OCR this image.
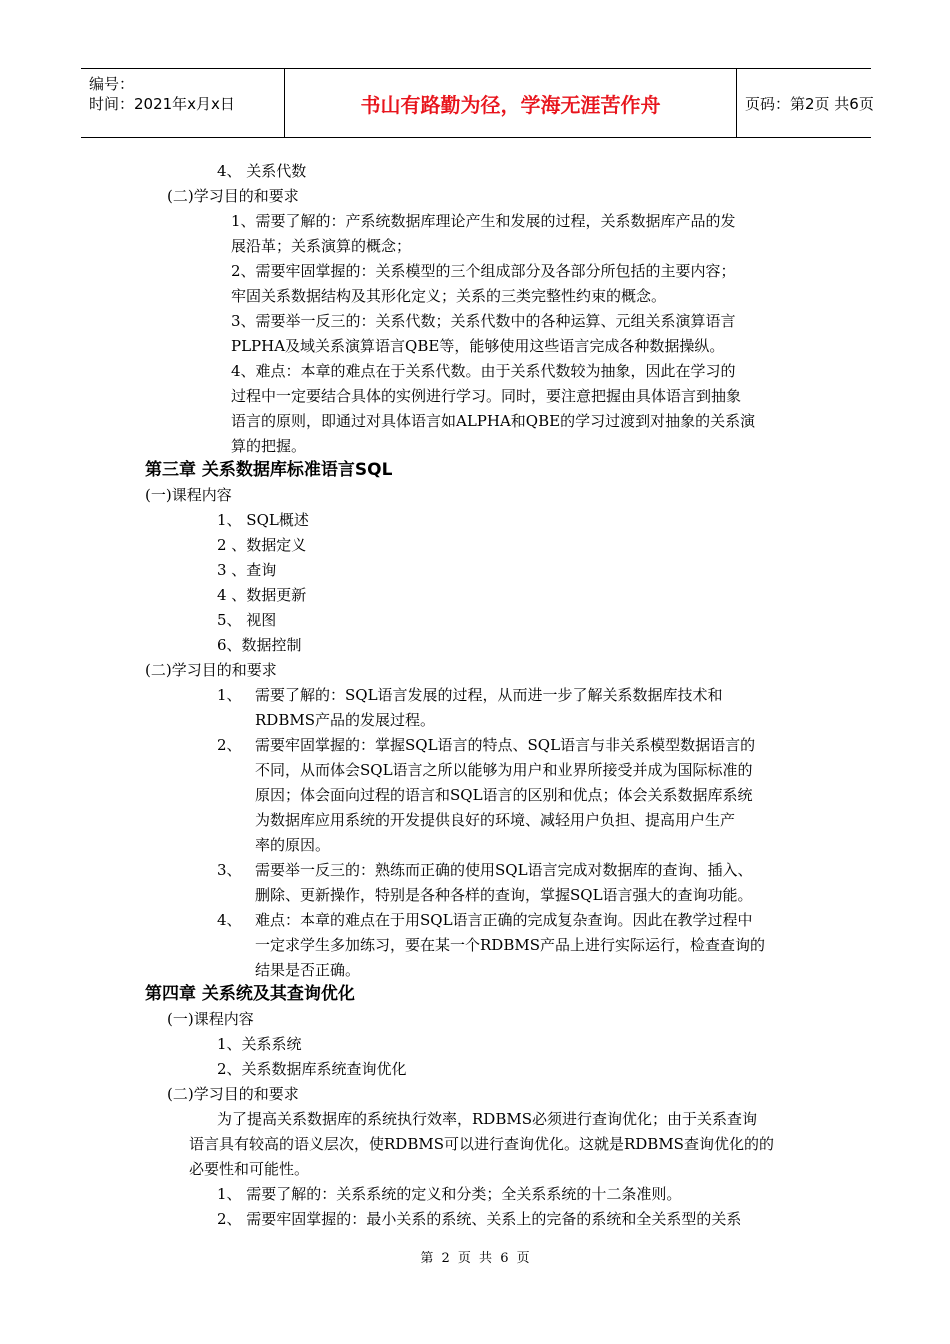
编号：
时间：2021年x月x日	书山有路勤为径，学海无涯苦作舟	页码：第2页 共6页
4、 关系代数
(二)学习目的和要求
1、需要了解的：产系统数据库理论产生和发展的过程，关系数据库产品的发
展沿革；关系演算的概念；
2、需要牢固掌握的：关系模型的三个组成部分及各部分所包括的主要内容；
牢固关系数据结构及其形化定义；关系的三类完整性约束的概念。
3、需要举一反三的：关系代数；关系代数中的各种运算、元组关系演算语言
PLPHA及域关系演算语言QBE等，能够使用这些语言完成各种数据操纵。
4、难点：本章的难点在于关系代数。由于关系代数较为抽象，因此在学习的
过程中一定要结合具体的实例进行学习。同时，要注意把握由具体语言到抽象
语言的原则，即通过对具体语言如ALPHA和QBE的学习过渡到对抽象的关系演
算的把握。
第三章 关系数据库标准语言SQL
(一)课程内容
1、 SQL概述
2 、数据定义
3 、查询
4 、数据更新
5、 视图
6、数据控制
(二)学习目的和要求
1、 需要了解的：SQL语言发展的过程，从而进一步了解关系数据库技术和
RDBMS产品的发展过程。
2、 需要牢固掌握的：掌握SQL语言的特点、SQL语言与非关系模型数据语言的
不同，从而体会SQL语言之所以能够为用户和业界所接受并成为国际标准的
原因；体会面向过程的语言和SQL语言的区别和优点；体会关系数据库系统
为数据库应用系统的开发提供良好的环境、减轻用户负担、提高用户生产
率的原因。
3、 需要举一反三的：熟练而正确的使用SQL语言完成对数据库的查询、插入、
删除、更新操作，特别是各种各样的查询，掌握SQL语言强大的查询功能。
4、 难点：本章的难点在于用SQL语言正确的完成复杂查询。因此在教学过程中
一定求学生多加练习，要在某一个RDBMS产品上进行实际运行，检查查询的
结果是否正确。
第四章 关系统及其查询优化
(一)课程内容
1、关系系统
2、关系数据库系统查询优化
(二)学习目的和要求
为了提高关系数据库的系统执行效率，RDBMS必须进行查询优化；由于关系查询
语言具有较高的语义层次，使RDBMS可以进行查询优化。这就是RDBMS查询优化的的
必要性和可能性。
1、 需要了解的：关系系统的定义和分类；全关系系统的十二条准则。
2、 需要牢固掌握的：最小关系的系统、关系上的完备的系统和全关系型的关系
第 2 页 共 6 页
